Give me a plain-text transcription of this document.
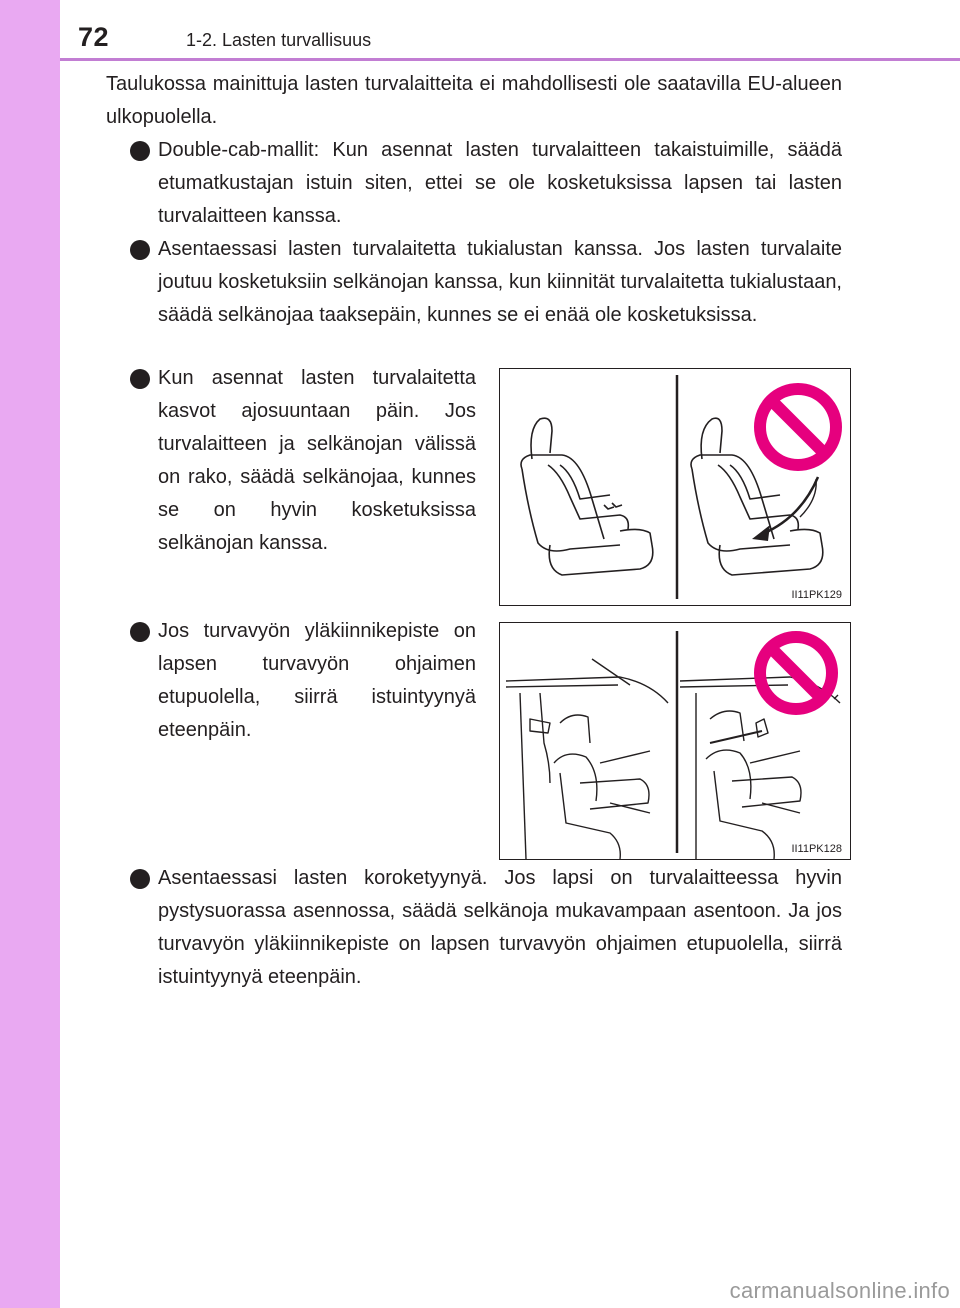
72	1-2. Lasten turvallisuus
Taulukossa mainittuja lasten turvalaitteita ei mahdollisesti ole saatavilla EU-alueen ulkopuolella.
Double-cab-mallit: Kun asennat lasten turvalaitteen takaistuimille, säädä etumatkustajan istuin siten, ettei se ole kosketuksissa lapsen tai lasten turvalaitteen kanssa.
Asentaessasi lasten turvalaitetta tukialustan kanssa. Jos lasten turvalaite joutuu kosketuksiin selkänojan kanssa, kun kiinnität turvalaitetta tukialustaan, säädä selkänojaa taaksepäin, kunnes se ei enää ole kosketuksissa.
Kun asennat lasten turvalaitetta kasvot ajosuuntaan päin. Jos turvalaitteen ja selkänojan välissä on rako, säädä selkänojaa, kunnes se on hyvin kosketuksissa selkänojan kanssa.
Jos turvavyön yläkiinnikepiste on lapsen turvavyön ohjaimen etupuolella, siirrä istuintyynyä eteenpäin.
Asentaessasi lasten koroketyynyä. Jos lapsi on turvalaitteessa hyvin pystysuorassa asennossa, säädä selkänoja mukavampaan asentoon. Ja jos turvavyön yläkiinnikepiste on lapsen turvavyön ohjaimen etupuolella, siirrä istuintyynyä eteenpäin.
II11PK129
II11PK128
carmanualsonline.info
